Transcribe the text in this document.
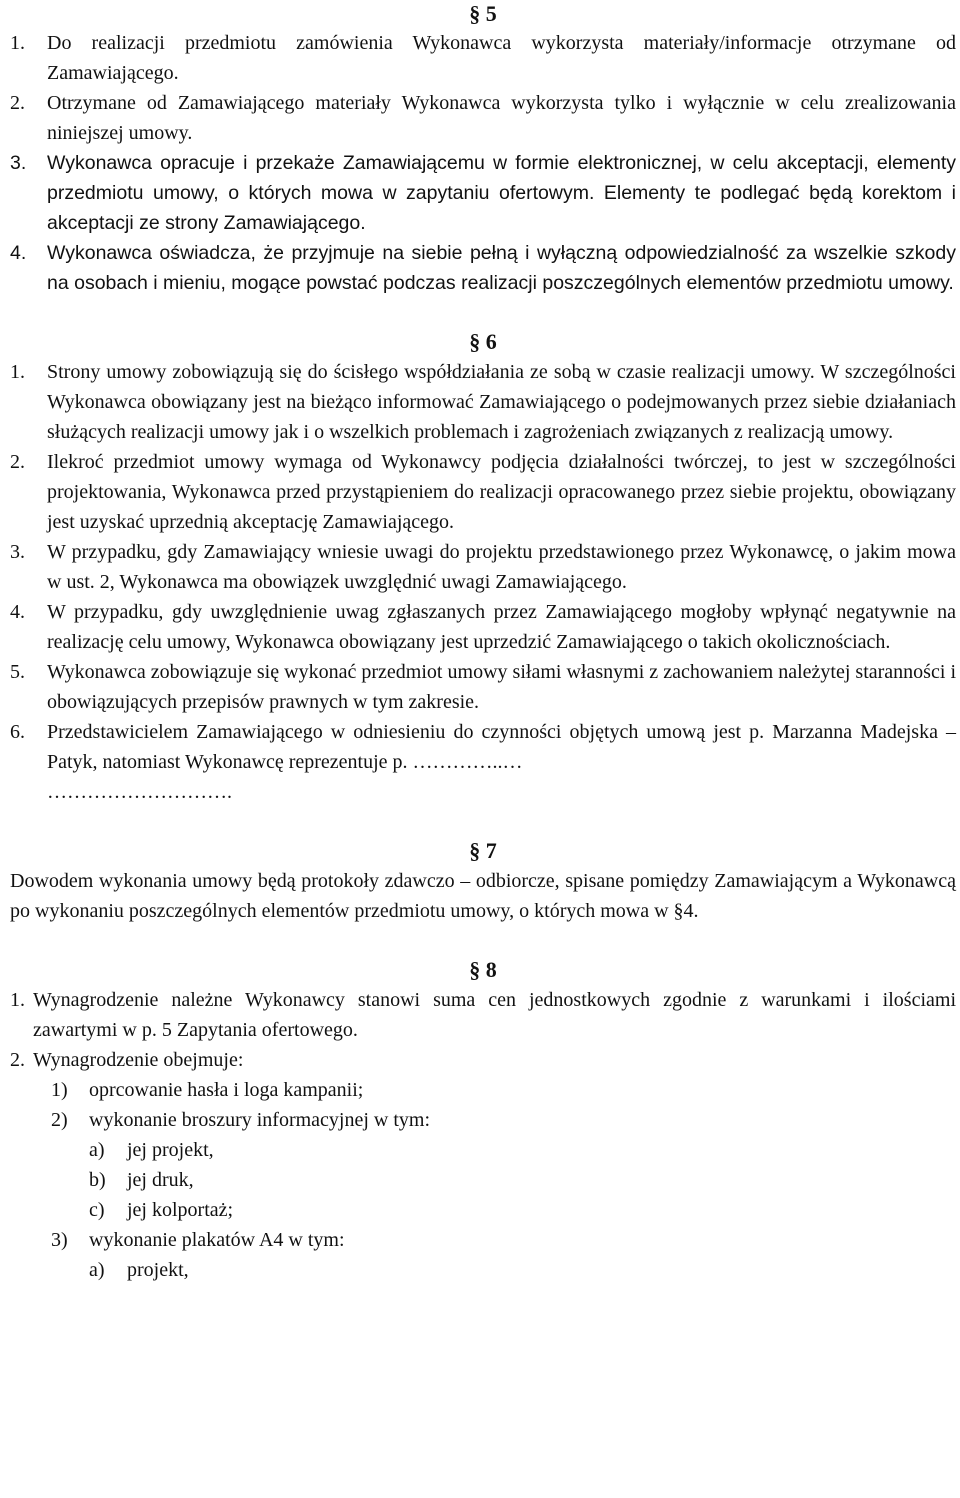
§ 5
1.	Do realizacji przedmiotu zamówienia Wykonawca wykorzysta materiały/informacje otrzymane od Zamawiającego.
2.	Otrzymane od Zamawiającego materiały Wykonawca wykorzysta tylko i wyłącznie w celu zrealizowania niniejszej umowy.
3.	Wykonawca opracuje i przekaże Zamawiającemu w formie elektronicznej, w celu akceptacji, elementy przedmiotu umowy, o których mowa w zapytaniu ofertowym. Elementy te podlegać będą korektom i akceptacji ze strony Zamawiającego.
4.	Wykonawca oświadcza, że przyjmuje na siebie pełną i wyłączną odpowiedzialność za wszelkie szkody na osobach i mieniu, mogące powstać podczas realizacji poszczególnych elementów przedmiotu umowy.
§ 6
1.	Strony umowy zobowiązują się do ścisłego współdziałania ze sobą w czasie realizacji umowy. W szczególności Wykonawca obowiązany jest na bieżąco informować Zamawiającego o podejmowanych przez siebie działaniach służących realizacji umowy jak i o wszelkich problemach i zagrożeniach związanych z realizacją umowy.
2.	Ilekroć przedmiot umowy wymaga od Wykonawcy podjęcia działalności twórczej, to jest w szczególności projektowania, Wykonawca przed przystąpieniem do realizacji opracowanego przez siebie projektu, obowiązany jest uzyskać uprzednią akceptację Zamawiającego.
3.	W przypadku, gdy Zamawiający wniesie uwagi do projektu przedstawionego przez Wykonawcę, o jakim mowa w ust. 2, Wykonawca ma obowiązek uwzględnić uwagi Zamawiającego.
4.	W przypadku, gdy uwzględnienie uwag zgłaszanych przez Zamawiającego mogłoby wpłynąć negatywnie na realizację celu umowy, Wykonawca obowiązany jest uprzedzić Zamawiającego o takich okolicznościach.
5.	Wykonawca zobowiązuje się wykonać przedmiot umowy siłami własnymi z zachowaniem należytej staranności i obowiązujących przepisów prawnych w tym zakresie.
6.	Przedstawicielem Zamawiającego w odniesieniu do czynności objętych umową jest p. Marzanna Madejska – Patyk, natomiast Wykonawcę reprezentuje p. …………..…
……………………….
§ 7
Dowodem wykonania umowy będą protokoły zdawczo – odbiorcze, spisane pomiędzy Zamawiającym a Wykonawcą po wykonaniu poszczególnych elementów przedmiotu umowy, o których mowa w §4.
§ 8
1. Wynagrodzenie należne Wykonawcy stanowi suma cen jednostkowych zgodnie z warunkami i ilościami zawartymi w p. 5 Zapytania ofertowego.
2. Wynagrodzenie obejmuje:
1)	oprcowanie hasła i loga kampanii;
2)	wykonanie broszury informacyjnej w tym:
a)	jej projekt,
b)	jej druk,
c)	jej kolportaż;
3)	wykonanie plakatów A4 w tym:
a)	projekt,
